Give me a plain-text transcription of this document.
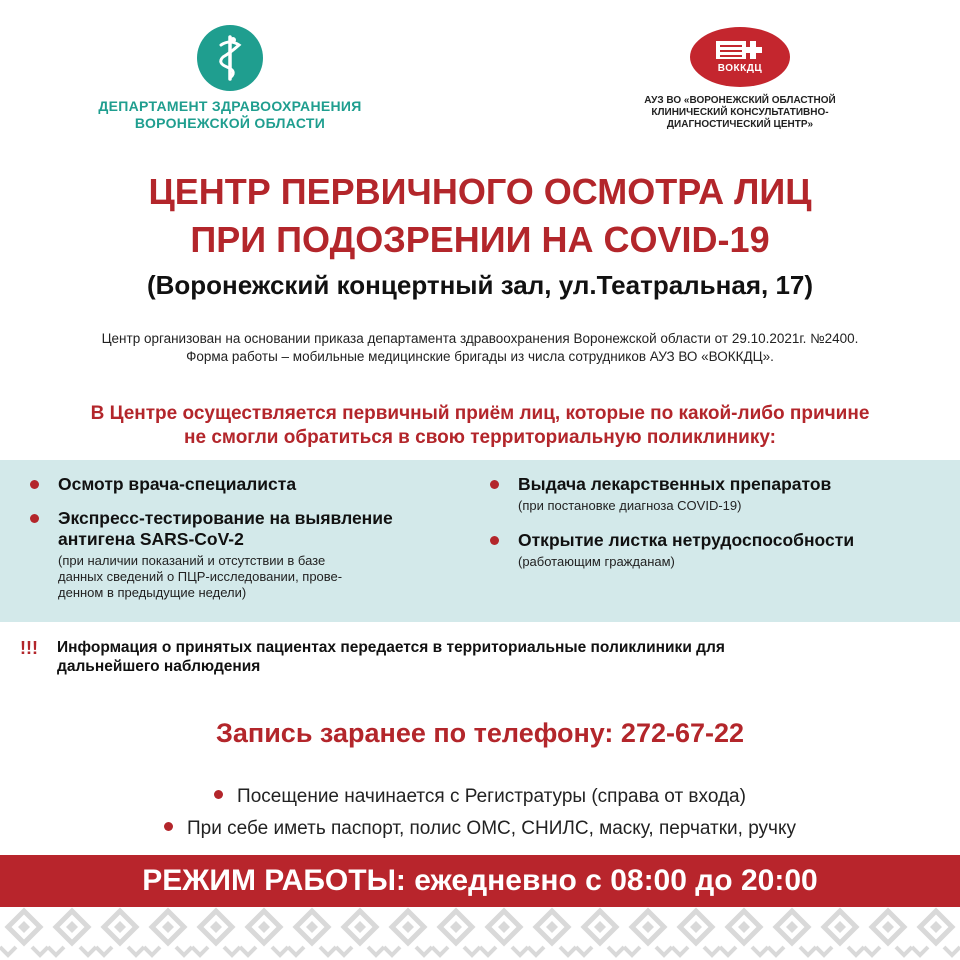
ДЕПАРТАМЕНТ ЗДРАВООХРАНЕНИЯ
ВОРОНЕЖСКОЙ ОБЛАСТИ
ВОККДЦ
АУЗ ВО «ВОРОНЕЖСКИЙ ОБЛАСТНОЙ
КЛИНИЧЕСКИЙ КОНСУЛЬТАТИВНО-
ДИАГНОСТИЧЕСКИЙ ЦЕНТР»
ЦЕНТР ПЕРВИЧНОГО ОСМОТРА ЛИЦ
ПРИ ПОДОЗРЕНИИ НА COVID-19
(Воронежский концертный зал, ул.Театральная, 17)
Центр организован на основании приказа департамента здравоохранения Воронежской области от 29.10.2021г. №2400.
Форма работы – мобильные медицинские бригады из числа сотрудников АУЗ ВО «ВОККДЦ».
В Центре осуществляется первичный приём лиц, которые по какой-либо причине
не смогли обратиться в свою территориальную поликлинику:
Осмотр врача-специалиста
Экспресс-тестирование на выявление
антигена SARS-CoV-2
(при наличии показаний и отсутствии в базе
данных сведений о ПЦР-исследовании, прове-
денном в предыдущие недели)
Выдача лекарственных препаратов
(при постановке диагноза COVID-19)
Открытие листка нетрудоспособности
(работающим гражданам)
!!! Информация о принятых пациентах передается в территориальные поликлиники для
дальнейшего наблюдения
Запись заранее по телефону: 272-67-22
Посещение начинается с Регистратуры (справа от входа)
При себе иметь паспорт, полис ОМС, СНИЛС, маску, перчатки, ручку
РЕЖИМ РАБОТЫ: ежедневно с 08:00 до 20:00
